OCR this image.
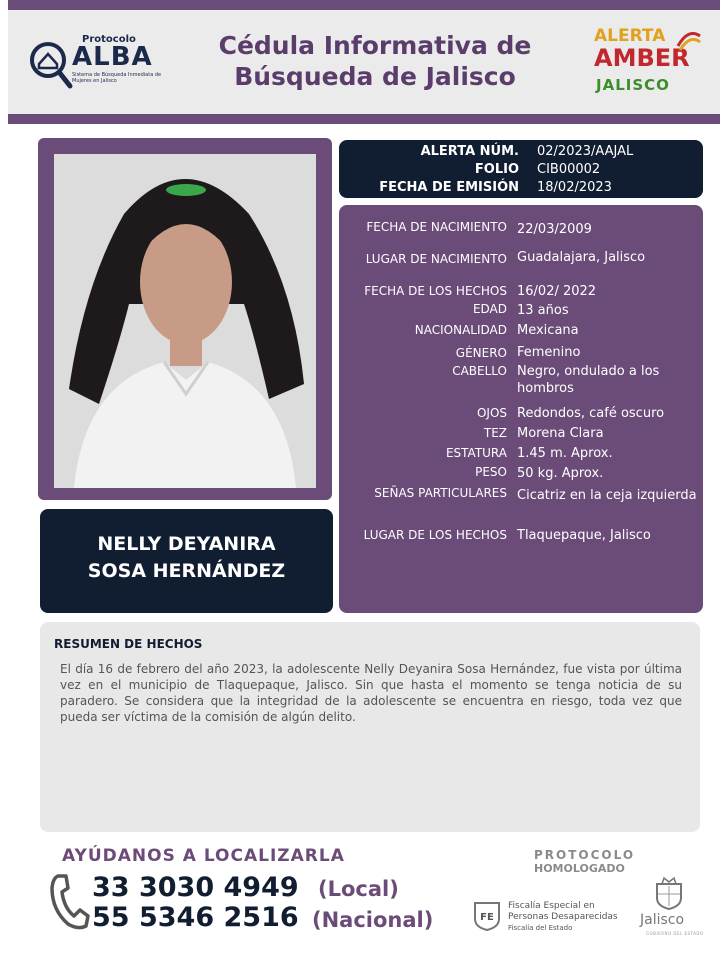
Protocolo
ALBA
Sistema de Búsqueda Inmediata de Mujeres en Jalisco
Cédula Informativa de
Búsqueda de Jalisco
ALERTA
AMBER
JALISCO
NELLY DEYANIRA
SOSA HERNÁNDEZ
ALERTA NÚM. 02/2023/AAJAL
FOLIO CIB00002
FECHA DE EMISIÓN 18/02/2023
FECHA DE NACIMIENTO 22/03/2009
LUGAR DE NACIMIENTO Guadalajara, Jalisco
FECHA DE LOS HECHOS 16/02/ 2022
EDAD 13 años
NACIONALIDAD Mexicana
GÉNERO Femenino
CABELLO Negro, ondulado a los hombros
OJOS Redondos, café oscuro
TEZ Morena Clara
ESTATURA 1.45 m. Aprox.
PESO 50 kg. Aprox.
SEÑAS PARTICULARES Cicatriz en la ceja izquierda
LUGAR DE LOS HECHOS Tlaquepaque, Jalisco
RESUMEN DE HECHOS
El día 16 de febrero del año 2023, la adolescente Nelly Deyanira Sosa Hernández, fue vista por última vez en el municipio de Tlaquepaque, Jalisco. Sin que hasta el momento se tenga noticia de su paradero. Se considera que la integridad de la adolescente se encuentra en riesgo, toda vez que pueda ser víctima de la comisión de algún delito.
AYÚDANOS A LOCALIZARLA
33 3030 4949 (Local)
55 5346 2516 (Nacional)
PROTOCOLO
HOMOLOGADO
FE
Fiscalía Especial en
Personas Desaparecidas
Fiscalía del Estado	Jalisco
GOBIERNO DEL ESTADO
